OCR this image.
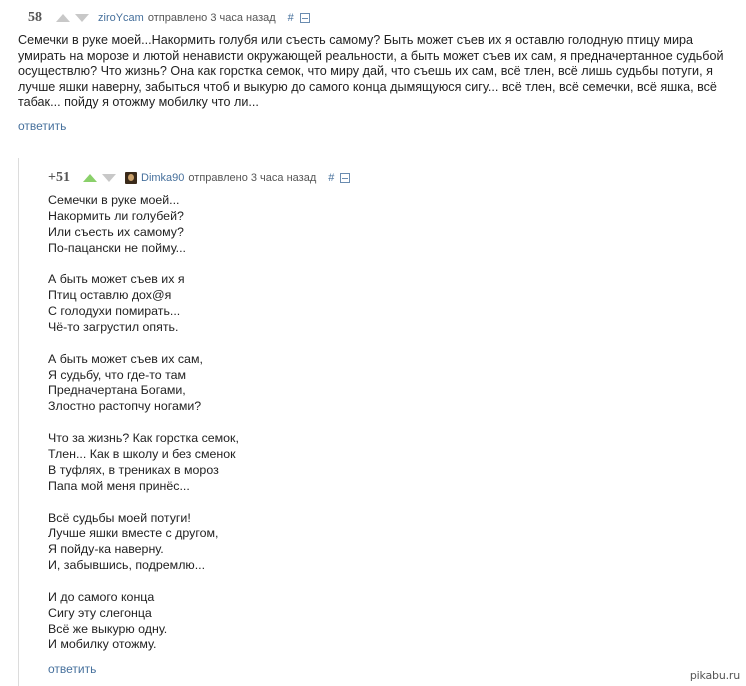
58	ziroYcam отправлено 3 часа назад #
Семечки в руке моей...Накормить голубя или съесть самому? Быть может съев их я оставлю голодную птицу мира умирать на морозе и лютой ненависти окружающей реальности, а быть может съев их сам, я предначертанное судьбой осуществлю? Что жизнь? Она как горстка семок, что миру дай, что съешь их сам, всё тлен, всё лишь судьбы потуги, я лучше яшки наверну, забыться чтоб и выкурю до самого конца дымящуюся сигу... всё тлен, всё семечки, всё яшка, всё табак... пойду я отожму мобилку что ли...
ответить
+51	Dimka90 отправлено 3 часа назад #
Семечки в руке моей...
Накормить ли голубей?
Или съесть их самому?
По-пацански не пойму...
А быть может съев их я
Птиц оставлю дох@я
С голодухи помирать...
Чё-то загрустил опять.
А быть может съев их сам,
Я судьбу, что где-то там
Предначертана Богами,
Злостно растопчу ногами?
Что за жизнь? Как горстка семок,
Тлен... Как в школу и без сменок
В туфлях, в трениках в мороз
Папа мой меня принёс...
Всё судьбы моей потуги!
Лучше яшки вместе с другом,
Я пойду-ка наверну.
И, забывшись, подремлю...
И до самого конца
Сигу эту слегонца
Всё же выкурю одну.
И мобилку отожму.
ответить	pikabu.ru
